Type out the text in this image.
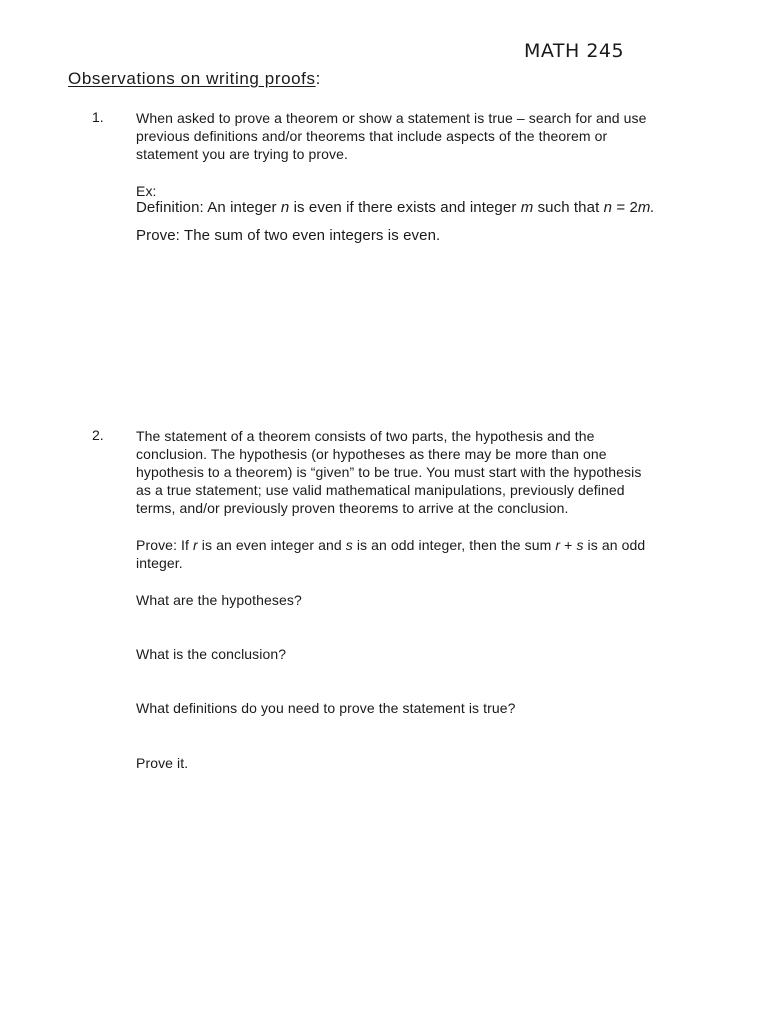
MATH 245
Observations on writing proofs:
1. When asked to prove a theorem or show a statement is true – search for and use
previous definitions and/or theorems that include aspects of the theorem or
statement you are trying to prove.
Ex:
Definition: An integer n is even if there exists and integer m such that n = 2m.
Prove: The sum of two even integers is even.
2. The statement of a theorem consists of two parts, the hypothesis and the
conclusion. The hypothesis (or hypotheses as there may be more than one
hypothesis to a theorem) is “given” to be true. You must start with the hypothesis
as a true statement; use valid mathematical manipulations, previously defined
terms, and/or previously proven theorems to arrive at the conclusion.
Prove: If r is an even integer and s is an odd integer, then the sum r + s is an odd
integer.
What are the hypotheses?
What is the conclusion?
What definitions do you need to prove the statement is true?
Prove it.
